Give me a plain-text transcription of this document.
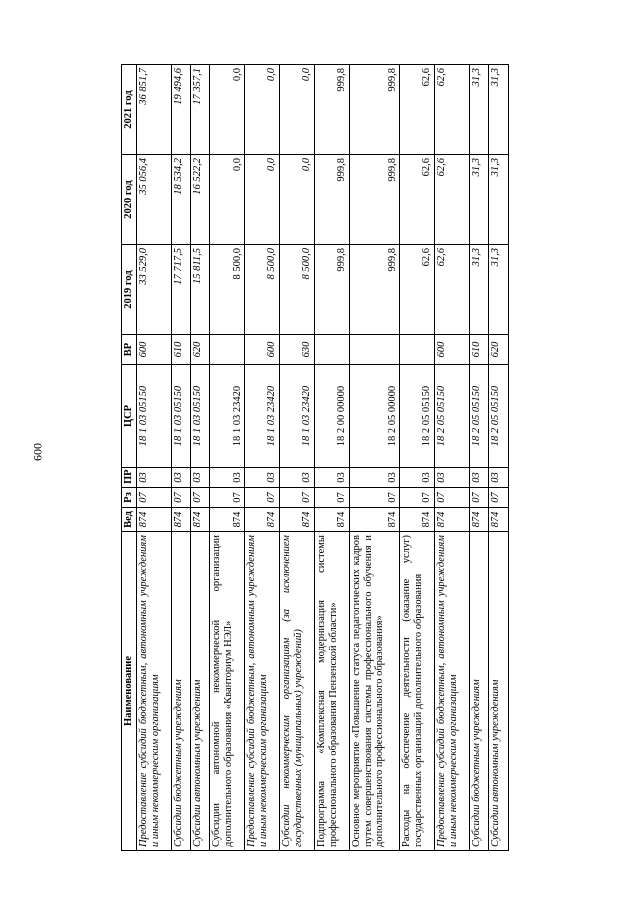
600
Наименование	Вед	Рз	ПР	ЦСР	ВР	2019 год	2020 год	2021 год
Предоставление субсидий бюджетным, автономным учреждениям и иным некоммерческим организациям	874	07	03	18 1 03 05150	600	33 529,0	35 056,4	36 851,7
Субсидии бюджетным учреждениям	874	07	03	18 1 03 05150	610	17 717,5	18 534,2	19 494,6
Субсидии автономным учреждениям	874	07	03	18 1 03 05150	620	15 811,5	16 522,2	17 357,1
Субсидии автономной некоммерческой организации дополнительного образования «Кванториум НЭЛ»	874	07	03	18 1 03 23420		8 500,0	0,0	0,0
Предоставление субсидий бюджетным, автономным учреждениям и иным некоммерческим организациям	874	07	03	18 1 03 23420	600	8 500,0	0,0	0,0
Субсидии некоммерческим организациям (за исключением государственных (муниципальных) учреждений)	874	07	03	18 1 03 23420	630	8 500,0	0,0	0,0
Подпрограмма «Комплексная модернизация системы профессионального образования Пензенской области»	874	07	03	18 2 00 00000		999,8	999,8	999,8
Основное мероприятие «Повышение статуса педагогических кадров путем совершенствования системы профессионального обучения и дополнительного профессионального образования»	874	07	03	18 2 05 00000		999,8	999,8	999,8
Расходы на обеспечение деятельности (оказание услуг) государственных организаций дополнительного образования	874	07	03	18 2 05 05150		62,6	62,6	62,6
Предоставление субсидий бюджетным, автономным учреждениям и иным некоммерческим организациям	874	07	03	18 2 05 05150	600	62,6	62,6	62,6
Субсидии бюджетным учреждениям	874	07	03	18 2 05 05150	610	31,3	31,3	31,3
Субсидии автономным учреждениям	874	07	03	18 2 05 05150	620	31,3	31,3	31,3
